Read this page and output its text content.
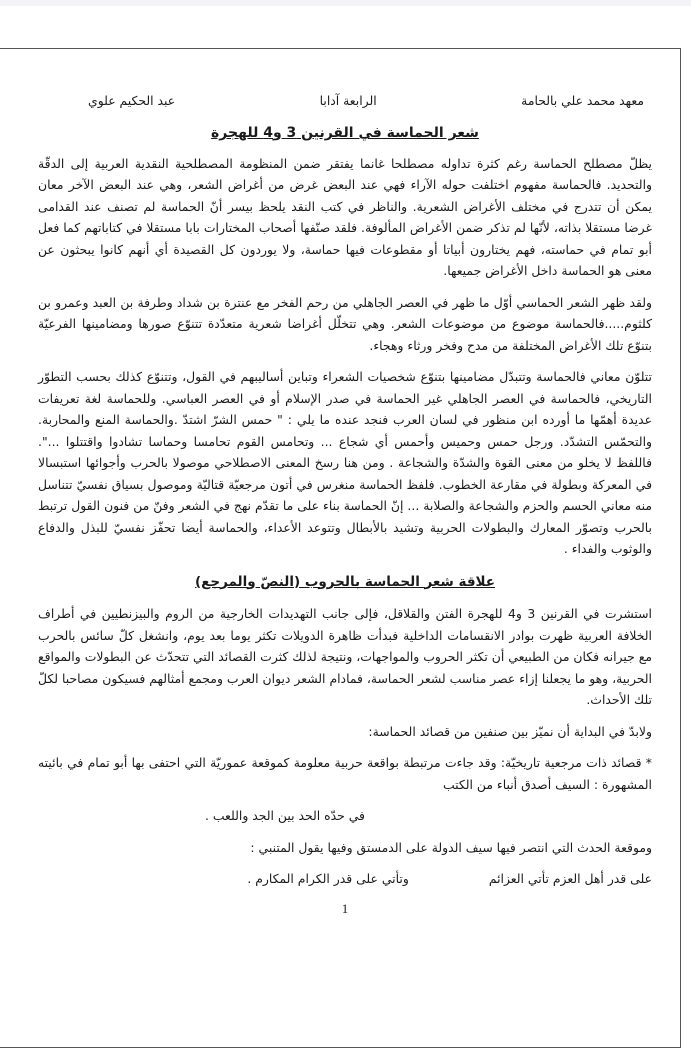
معهد محمد علي بالحامة
الرابعة آدابا
عبد الحكيم علوي
شعر الحماسة في القرنين 3 و4 للهجرة

يظلّ مصطلح الحماسة رغم كثرة تداوله مصطلحا غانما يفتقر ضمن المنظومة المصطلحية النقدية العربية إلى الدقّة والتحديد. فالحماسة مفهوم اختلفت حوله الآراء فهي عند البعض غرض من أغراض الشعر، وهي عند البعض الآخر معان يمكن أن تتدرج في مختلف الأغراض الشعرية. والناظر في كتب النقد يلحظ بيسر أنّ الحماسة لم تصنف عند القدامى غرضا مستقلا بذاته، لأنّها لم تذكر ضمن الأغراض المألوفة. فلقد صنّفها أصحاب المختارات بابا مستقلا في كتاباتهم كما فعل أبو تمام في حماسته، فهم يختارون أبياتا أو مقطوعات فيها حماسة، ولا يوردون كل القصيدة أي أنهم كانوا يبحثون عن معنى هو الحماسة داخل الأغراض جميعها.

ولقد ظهر الشعر الحماسي أوّل ما ظهر في العصر الجاهلي من رحم الفخر مع عنترة بن شداد وطرفة بن العبد وعمرو بن كلثوم.....فالحماسة موضوع من موضوعات الشعر. وهي تتخلّل أغراضا شعرية متعدّدة تتنوّع صورها ومضامينها الفرعيّة بتنوّع تلك الأغراض المختلفة من مدح وفخر ورثاء وهجاء.

تتلوّن معاني فالحماسة وتتبدّل مضامينها بتنوّع شخصيات الشعراء وتباين أساليبهم في القول، وتتنوّع كذلك بحسب التطوّر التاريخي، فالحماسة في العصر الجاهلي غير الحماسة في صدر الإسلام أو في العصر العباسي. وللحماسة لغة تعريفات عديدة أهمّها ما أورده ابن منظور في لسان العرب فنجد عنده ما يلي : " حمس الشرّ اشتدّ .والحماسة المنع والمحاربة. والتحمّس التشدّد. ورجل حمس وحميس وأحمس أي شجاع ... وتحامس القوم تحامسا وحماسا تشادوا واقتتلوا ...". فاللفظ لا يخلو من معنى القوة والشدّة والشجاعة . ومن هنا رسخ المعنى الاصطلاحي موصولا بالحرب وأجوائها استبسالا في المعركة وبطولة في مقارعة الخطوب. فلفظ الحماسة منغرس في أتون مرجعيّة قتاليّة وموصول بسياق نفسيّ تتناسل منه معاني الحسم والحزم والشجاعة والصلابة ... إنّ الحماسة بناء على ما تقدّم نهج في الشعر وفنّ من فنون القول ترتبط بالحرب وتصوّر المعارك والبطولات الحربية وتشيد بالأبطال وتتوعد الأعداء، والحماسة أيضا تحفّز نفسيّ للبذل والدفاع والوثوب والفداء .

علاقة شعر الحماسة بالحروب (النصّ والمرجع)

استشرت في القرنين 3 و4 للهجرة الفتن والقلاقل، فإلى جانب التهديدات الخارجية من الروم والبيزنطيين في أطراف الخلافة العربية ظهرت بوادر الانقسامات الداخلية فبدأت ظاهرة الدويلات تكثر يوما بعد يوم، وانشغل كلّ سائس بالحرب مع جيرانه فكان من الطبيعي أن تكثر الحروب والمواجهات، ونتيجة لذلك كثرت القصائد التي تتحدّث عن البطولات والمواقع الحربية، وهو ما يجعلنا إزاء عصر مناسب لشعر الحماسة، فمادام الشعر ديوان العرب ومجمع أمثالهم فسيكون مصاحبا لكلّ تلك الأحداث.

ولابدّ في البداية أن نميّز بين صنفين من قصائد الحماسة:

* قصائد ذات مرجعية تاريخيّة: وقد جاءت مرتبطة بواقعة حربية معلومة كموقعة عموريّة التي احتفى بها أبو تمام في بائيته المشهورة : السيف أصدق أنباء من الكتب

في حدّه الحد بين الجد واللعب .

وموقعة الحدث التي انتصر فيها سيف الدولة على الدمستق وفيها يقول المتنبي :

على قدر أهل العزم تأتي العزائم
وتأتي على قدر الكرام المكارم .
1
